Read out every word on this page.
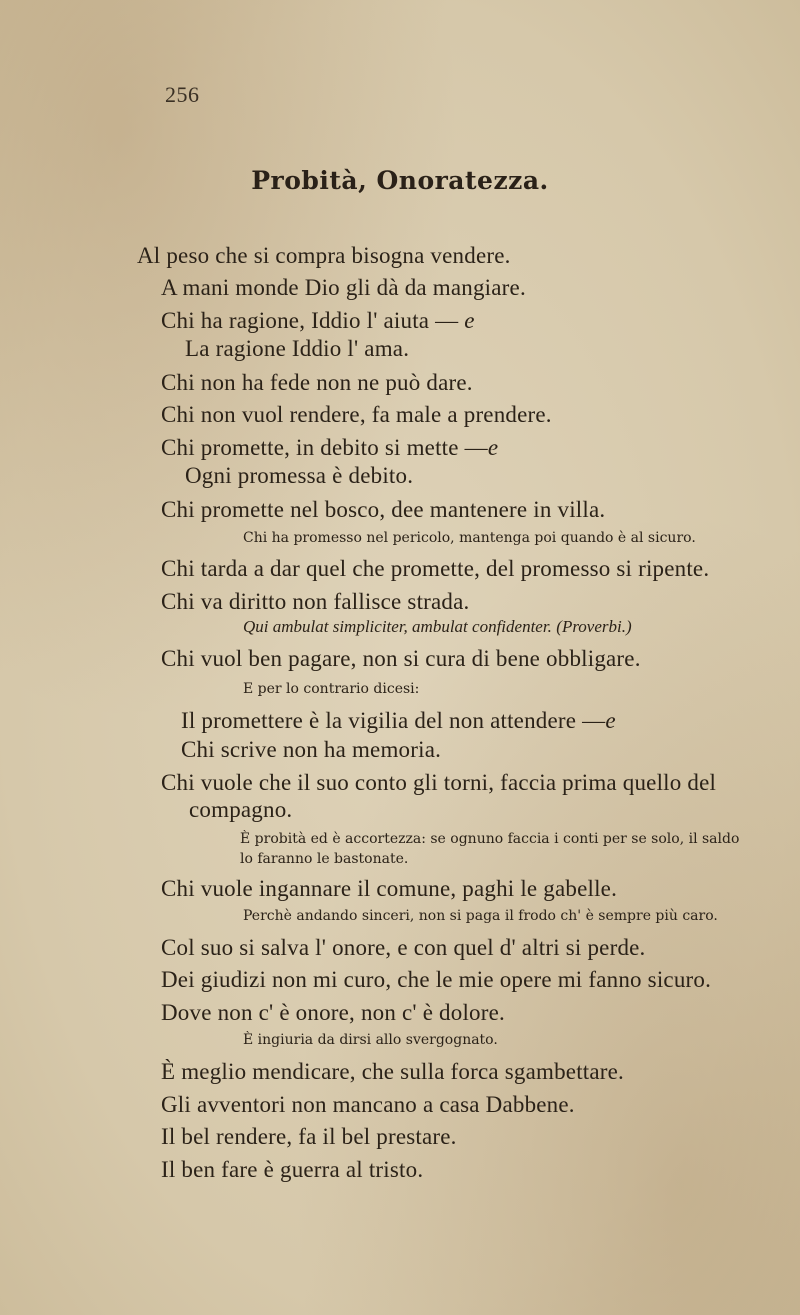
256
Probità, Onoratezza.
Al peso che si compra bisogna vendere.
A mani monde Dio gli dà da mangiare.
Chi ha ragione, Iddio l' aiuta — e
La ragione Iddio l' ama.
Chi non ha fede non ne può dare.
Chi non vuol rendere, fa male a prendere.
Chi promette, in debito si mette —e
Ogni promessa è debito.
Chi promette nel bosco, dee mantenere in villa.
Chi ha promesso nel pericolo, mantenga poi quando è al sicuro.
Chi tarda a dar quel che promette, del promesso si ripente.
Chi va diritto non fallisce strada.
Qui ambulat simpliciter, ambulat confidenter. (Proverbi.)
Chi vuol ben pagare, non si cura di bene obbligare.
E per lo contrario dicesi:
Il promettere è la vigilia del non attendere —e
Chi scrive non ha memoria.
Chi vuole che il suo conto gli torni, faccia prima quello del
compagno.
È probità ed è accortezza: se ognuno faccia i conti per se solo, il saldo
lo faranno le bastonate.
Chi vuole ingannare il comune, paghi le gabelle.
Perchè andando sinceri, non si paga il frodo ch' è sempre più caro.
Col suo si salva l' onore, e con quel d' altri si perde.
Dei giudizi non mi curo, che le mie opere mi fanno sicuro.
Dove non c' è onore, non c' è dolore.
È ingiuria da dirsi allo svergognato.
È meglio mendicare, che sulla forca sgambettare.
Gli avventori non mancano a casa Dabbene.
Il bel rendere, fa il bel prestare.
Il ben fare è guerra al tristo.
